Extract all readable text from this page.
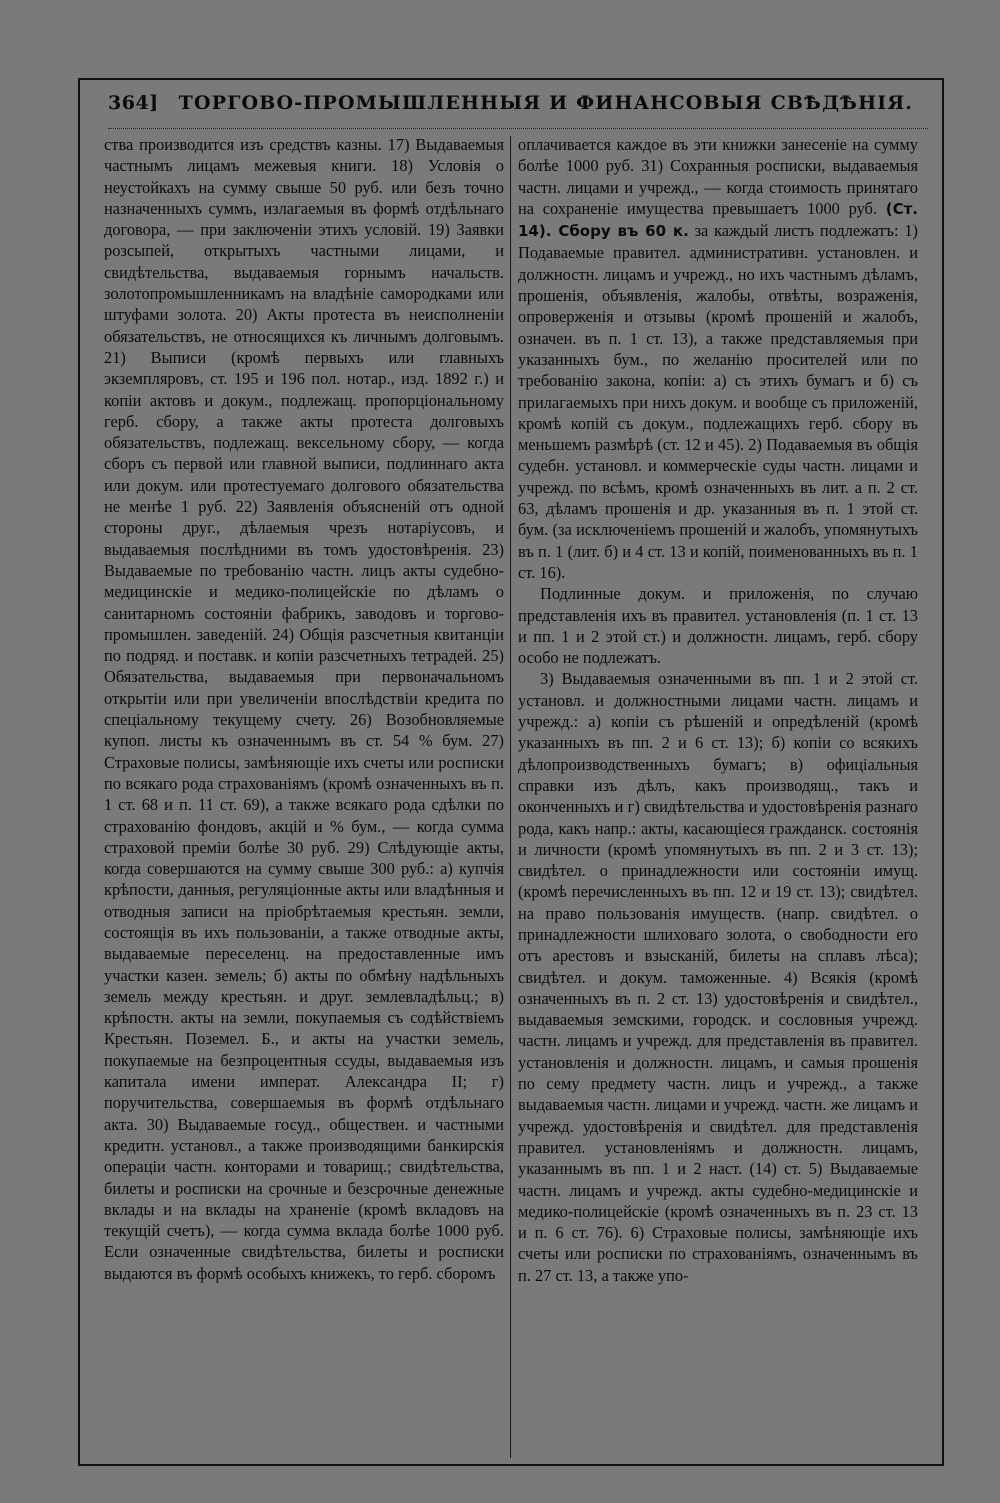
364] ТОРГОВО-ПРОМЫШЛЕННЫЯ И ФИНАНСОВЫЯ СВѢДѢНІЯ.

ства производится изъ средствъ казны. 17) Выдаваемыя частнымъ лицамъ межевыя книги. 18) Условія о неустойкахъ на сумму свыше 50 руб. или безъ точно назначенныхъ суммъ, излагаемыя въ формѣ отдѣльнаго договора, — при заключеніи этихъ условій. 19) Заявки розсыпей, открытыхъ частными лицами, и свидѣтельства, выдаваемыя горнымъ начальств. золотопромышленникамъ на владѣніе самородками или штуфами золота. 20) Акты протеста въ неисполненіи обязательствъ, не относящихся къ личнымъ долговымъ. 21) Выписи (кромѣ первыхъ или главныхъ экземпляровъ, ст. 195 и 196 пол. нотар., изд. 1892 г.) и копіи актовъ и докум., подлежащ. пропорціональному герб. сбору, а также акты протеста долговыхъ обязательствъ, подлежащ. вексельному сбору, — когда сборъ съ первой или главной выписи, подлиннаго акта или докум. или протестуемаго долгового обязательства не менѣе 1 руб. 22) Заявленія объясненій отъ одной стороны друг., дѣлаемыя чрезъ нотаріусовъ, и выдаваемыя послѣдними въ томъ удостовѣренія. 23) Выдаваемые по требованію частн. лицъ акты судебно-медицинскіе и медико-полицейскіе по дѣламъ о санитарномъ состояніи фабрикъ, заводовъ и торгово-промышлен. заведеній. 24) Общія разсчетныя квитанціи по подряд. и поставк. и копіи разсчетныхъ тетрадей. 25) Обязательства, выдаваемыя при первоначальномъ открытіи или при увеличеніи впослѣдствіи кредита по спеціальному текущему счету. 26) Возобновляемые купоп. листы къ означеннымъ въ ст. 54 % бум. 27) Страховые полисы, замѣняющіе ихъ счеты или росписки по всякаго рода страхованіямъ (кромѣ означенныхъ въ п. 1 ст. 68 и п. 11 ст. 69), а также всякаго рода сдѣлки по страхованію фондовъ, акцій и % бум., — когда сумма страховой преміи болѣе 30 руб. 29) Слѣдующіе акты, когда совершаются на сумму свыше 300 руб.: а) купчія крѣпости, данныя, регуляціонные акты или владѣнныя и отводныя записи на пріобрѣтаемыя крестьян. земли, состоящія въ ихъ пользованіи, а также отводные акты, выдаваемые переселенц. на предоставленные имъ участки казен. земель; б) акты по обмѣну надѣльныхъ земель между крестьян. и друг. землевладѣльц.; в) крѣпостн. акты на земли, покупаемыя съ содѣйствіемъ Крестьян. Поземел. Б., и акты на участки земель, покупаемые на безпроцентныя ссуды, выдаваемыя изъ капитала имени императ. Александра II; г) поручительства, совершаемыя въ формѣ отдѣльнаго акта. 30) Выдаваемые госуд., обществен. и частными кредитн. установл., а также производящими банкирскія операціи частн. конторами и товарищ.; свидѣтельства, билеты и росписки на срочные и безсрочные денежные вклады и на вклады на храненіе (кромѣ вкладовъ на текущій счетъ), — когда сумма вклада болѣе 1000 руб. Если означенные свидѣтельства, билеты и росписки выдаются въ формѣ особыхъ книжекъ, то герб. сборомъ

оплачивается каждое въ эти книжки занесеніе на сумму болѣе 1000 руб. 31) Сохранныя росписки, выдаваемыя частн. лицами и учрежд., — когда стоимость принятаго на сохраненіе имущества превышаетъ 1000 руб. (Ст. 14). Сбору въ 60 к. за каждый листъ подлежатъ: 1) Подаваемые правител. административн. установлен. и должностн. лицамъ и учрежд., но ихъ частнымъ дѣламъ, прошенія, объявленія, жалобы, отвѣты, возраженія, опроверженія и отзывы (кромѣ прошеній и жалобъ, означен. въ п. 1 ст. 13), а также представляемыя при указанныхъ бум., по желанію просителей или по требованію закона, копіи: а) съ этихъ бумагъ и б) съ прилагаемыхъ при нихъ докум. и вообще съ приложеній, кромѣ копій съ докум., подлежащихъ герб. сбору въ меньшемъ размѣрѣ (ст. 12 и 45). 2) Подаваемыя въ общія судебн. установл. и коммерческіе суды частн. лицами и учрежд. по всѣмъ, кромѣ означенныхъ въ лит. а п. 2 ст. 63, дѣламъ прошенія и др. указанныя въ п. 1 этой ст. бум. (за исключеніемъ прошеній и жалобъ, упомянутыхъ въ п. 1 (лит. б) и 4 ст. 13 и копій, поименованныхъ въ п. 1 ст. 16).

Подлинные докум. и приложенія, по случаю представленія ихъ въ правител. установленія (п. 1 ст. 13 и пп. 1 и 2 этой ст.) и должностн. лицамъ, герб. сбору особо не подлежатъ.

3) Выдаваемыя означенными въ пп. 1 и 2 этой ст. установл. и должностными лицами частн. лицамъ и учрежд.: а) копіи съ рѣшеній и опредѣленій (кромѣ указанныхъ въ пп. 2 и 6 ст. 13); б) копіи со всякихъ дѣлопроизводственныхъ бумагъ; в) офиціальныя справки изъ дѣлъ, какъ производящ., такъ и оконченныхъ и г) свидѣтельства и удостовѣренія разнаго рода, какъ напр.: акты, касающіеся гражданск. состоянія и личности (кромѣ упомянутыхъ въ пп. 2 и 3 ст. 13); свидѣтел. о принадлежности или состояніи имущ. (кромѣ перечисленныхъ въ пп. 12 и 19 ст. 13); свидѣтел. на право пользованія имуществ. (напр. свидѣтел. о принадлежности шлиховаго золота, о свободности его отъ арестовъ и взысканій, билеты на сплавъ лѣса); свидѣтел. и докум. таможенные. 4) Всякія (кромѣ означенныхъ въ п. 2 ст. 13) удостовѣренія и свидѣтел., выдаваемыя земскими, городск. и сословныя учрежд. частн. лицамъ и учрежд. для представленія въ правител. установленія и должностн. лицамъ, и самыя прошенія по сему предмету частн. лицъ и учрежд., а также выдаваемыя частн. лицами и учрежд. частн. же лицамъ и учрежд. удостовѣренія и свидѣтел. для представленія правител. установленіямъ и должностн. лицамъ, указаннымъ въ пп. 1 и 2 наст. (14) ст. 5) Выдаваемые частн. лицамъ и учрежд. акты судебно-медицинскіе и медико-полицейскіе (кромѣ означенныхъ въ п. 23 ст. 13 и п. 6 ст. 76). 6) Страховые полисы, замѣняющіе ихъ счеты или росписки по страхованіямъ, означеннымъ въ п. 27 ст. 13, а также упо-
